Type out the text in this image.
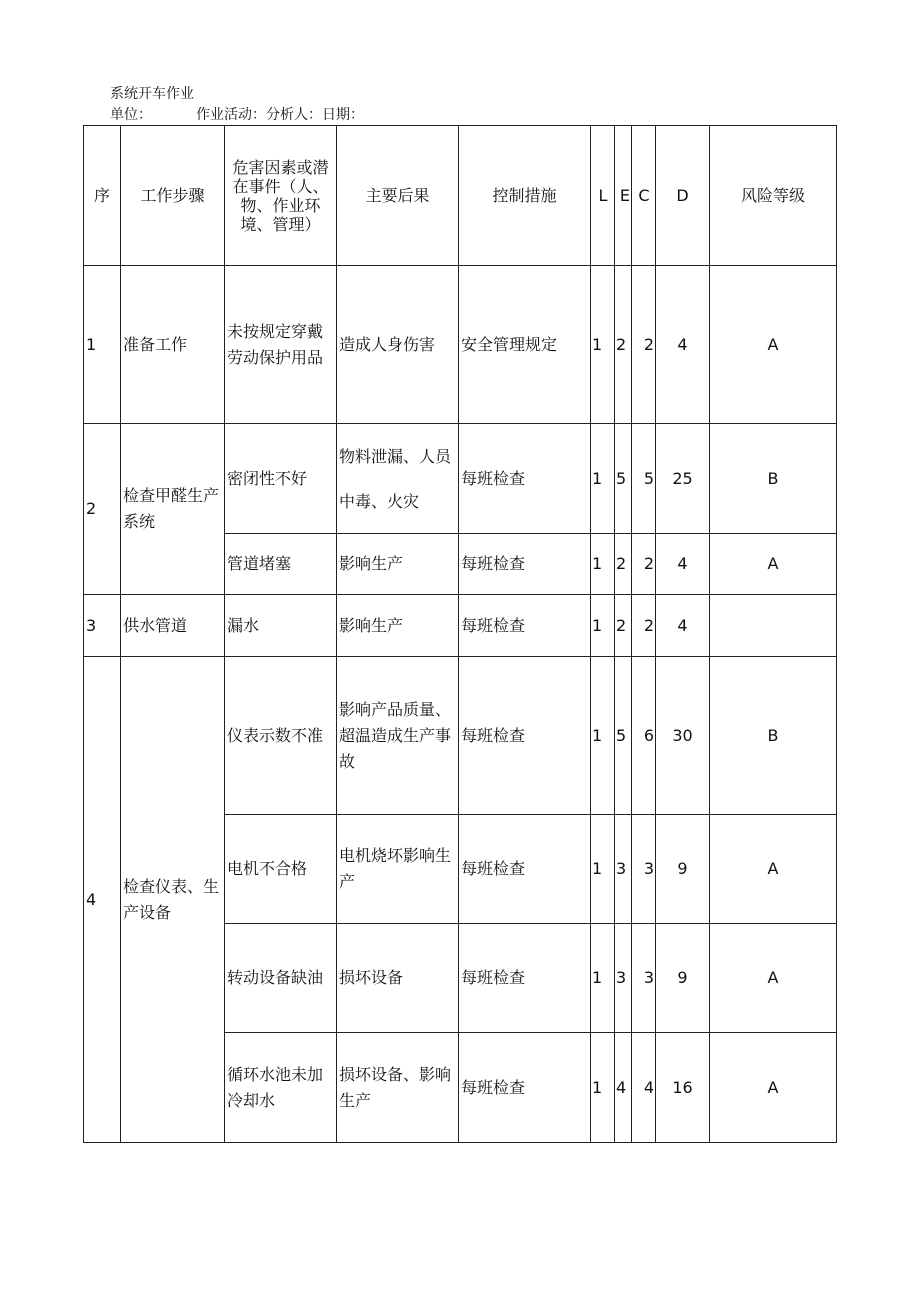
系统开车作业
单位：	作业活动：分析人：日期：
序	工作步骤	危害因素或潜在事件（人、物、作业环境、管理）	主要后果	控制措施	L	E	C	D	风险等级
1	准备工作	未按规定穿戴劳动保护用品	造成人身伤害	安全管理规定	1	2	2	4	A
2	检查甲醛生产系统	密闭性不好	物料泄漏、人员中毒、火灾	每班检查	1	5	5	25	B
		管道堵塞	影响生产	每班检查	1	2	2	4	A
3	供水管道	漏水	影响生产	每班检查	1	2	2	4	
4	检查仪表、生产设备	仪表示数不准	影响产品质量、超温造成生产事故	每班检查	1	5	6	30	B
		电机不合格	电机烧坏影响生产	每班检查	1	3	3	9	A
		转动设备缺油	损坏设备	每班检查	1	3	3	9	A
		循环水池未加冷却水	损坏设备、影响生产	每班检查	1	4	4	16	A
